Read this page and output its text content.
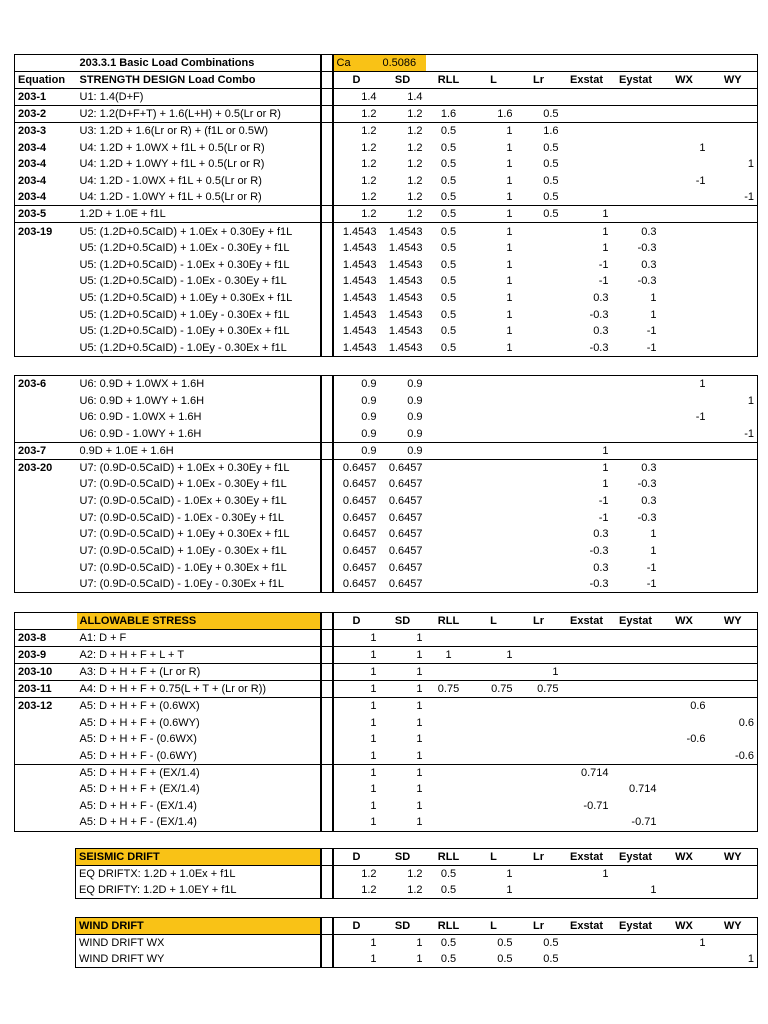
	203.3.1 Basic Load Combinations		Ca	0.5086							
Equation	STRENGTH DESIGN Load Combo		D	SD	RLL	L	Lr	Exstat	Eystat	WX	WY
203-1	U1: 1.4(D+F)		1.4	1.4							
203-2	U2: 1.2(D+F+T) + 1.6(L+H) + 0.5(Lr or R)		1.2	1.2	1.6	1.6	0.5				
203-3	U3: 1.2D + 1.6(Lr or R) + (f1L or 0.5W)		1.2	1.2	0.5	1	1.6				
203-4	U4: 1.2D + 1.0WX + f1L + 0.5(Lr or R)		1.2	1.2	0.5	1	0.5			1	
203-4	U4: 1.2D + 1.0WY + f1L + 0.5(Lr or R)		1.2	1.2	0.5	1	0.5				1
203-4	U4: 1.2D - 1.0WX + f1L + 0.5(Lr or R)		1.2	1.2	0.5	1	0.5			-1	
203-4	U4: 1.2D - 1.0WY + f1L + 0.5(Lr or R)		1.2	1.2	0.5	1	0.5				-1
203-5	1.2D + 1.0E + f1L		1.2	1.2	0.5	1	0.5	1			
203-19	U5: (1.2D+0.5CaID) + 1.0Ex + 0.30Ey + f1L		1.4543	1.4543	0.5	1		1	0.3		
	U5: (1.2D+0.5CaID) + 1.0Ex - 0.30Ey + f1L		1.4543	1.4543	0.5	1		1	-0.3		
	U5: (1.2D+0.5CaID) - 1.0Ex + 0.30Ey + f1L		1.4543	1.4543	0.5	1		-1	0.3		
	U5: (1.2D+0.5CaID) - 1.0Ex - 0.30Ey + f1L		1.4543	1.4543	0.5	1		-1	-0.3		
	U5: (1.2D+0.5CaID) + 1.0Ey + 0.30Ex + f1L		1.4543	1.4543	0.5	1		0.3	1		
	U5: (1.2D+0.5CaID) + 1.0Ey - 0.30Ex + f1L		1.4543	1.4543	0.5	1		-0.3	1		
	U5: (1.2D+0.5CaID) - 1.0Ey + 0.30Ex + f1L		1.4543	1.4543	0.5	1		0.3	-1		
	U5: (1.2D+0.5CaID) - 1.0Ey - 0.30Ex + f1L		1.4543	1.4543	0.5	1		-0.3	-1		
203-6	U6: 0.9D + 1.0WX + 1.6H		0.9	0.9						1	
	U6: 0.9D + 1.0WY + 1.6H		0.9	0.9							1
	U6: 0.9D - 1.0WX + 1.6H		0.9	0.9						-1	
	U6: 0.9D - 1.0WY + 1.6H		0.9	0.9							-1
203-7	0.9D + 1.0E + 1.6H		0.9	0.9				1			
203-20	U7: (0.9D-0.5CaID) + 1.0Ex + 0.30Ey + f1L		0.6457	0.6457				1	0.3		
	U7: (0.9D-0.5CaID) + 1.0Ex - 0.30Ey + f1L		0.6457	0.6457				1	-0.3		
	U7: (0.9D-0.5CaID) - 1.0Ex + 0.30Ey + f1L		0.6457	0.6457				-1	0.3		
	U7: (0.9D-0.5CaID) - 1.0Ex - 0.30Ey + f1L		0.6457	0.6457				-1	-0.3		
	U7: (0.9D-0.5CaID) + 1.0Ey + 0.30Ex + f1L		0.6457	0.6457				0.3	1		
	U7: (0.9D-0.5CaID) + 1.0Ey - 0.30Ex + f1L		0.6457	0.6457				-0.3	1		
	U7: (0.9D-0.5CaID) - 1.0Ey + 0.30Ex + f1L		0.6457	0.6457				0.3	-1		
	U7: (0.9D-0.5CaID) - 1.0Ey - 0.30Ex + f1L		0.6457	0.6457				-0.3	-1		
	ALLOWABLE STRESS		D	SD	RLL	L	Lr	Exstat	Eystat	WX	WY
203-8	A1: D + F		1	1							
203-9	A2: D + H + F + L + T		1	1	1	1					
203-10	A3: D + H + F + (Lr or R)		1	1			1				
203-11	A4: D + H + F + 0.75(L + T + (Lr or R))		1	1	0.75	0.75	0.75				
203-12	A5: D + H + F + (0.6WX)		1	1						0.6	
	A5: D + H + F + (0.6WY)		1	1							0.6
	A5: D + H + F - (0.6WX)		1	1						-0.6	
	A5: D + H + F - (0.6WY)		1	1							-0.6
	A5: D + H + F + (EX/1.4)		1	1				0.714			
	A5: D + H + F + (EX/1.4)		1	1					0.714		
	A5: D + H + F - (EX/1.4)		1	1				-0.71			
	A5: D + H + F - (EX/1.4)		1	1					-0.71		
SEISMIC DRIFT		D	SD	RLL	L	Lr	Exstat	Eystat	WX	WY
EQ DRIFTX: 1.2D + 1.0Ex + f1L		1.2	1.2	0.5	1		1			
EQ DRIFTY: 1.2D + 1.0EY + f1L		1.2	1.2	0.5	1			1		
WIND DRIFT		D	SD	RLL	L	Lr	Exstat	Eystat	WX	WY
WIND DRIFT WX		1	1	0.5	0.5	0.5			1	
WIND DRIFT WY		1	1	0.5	0.5	0.5				1
